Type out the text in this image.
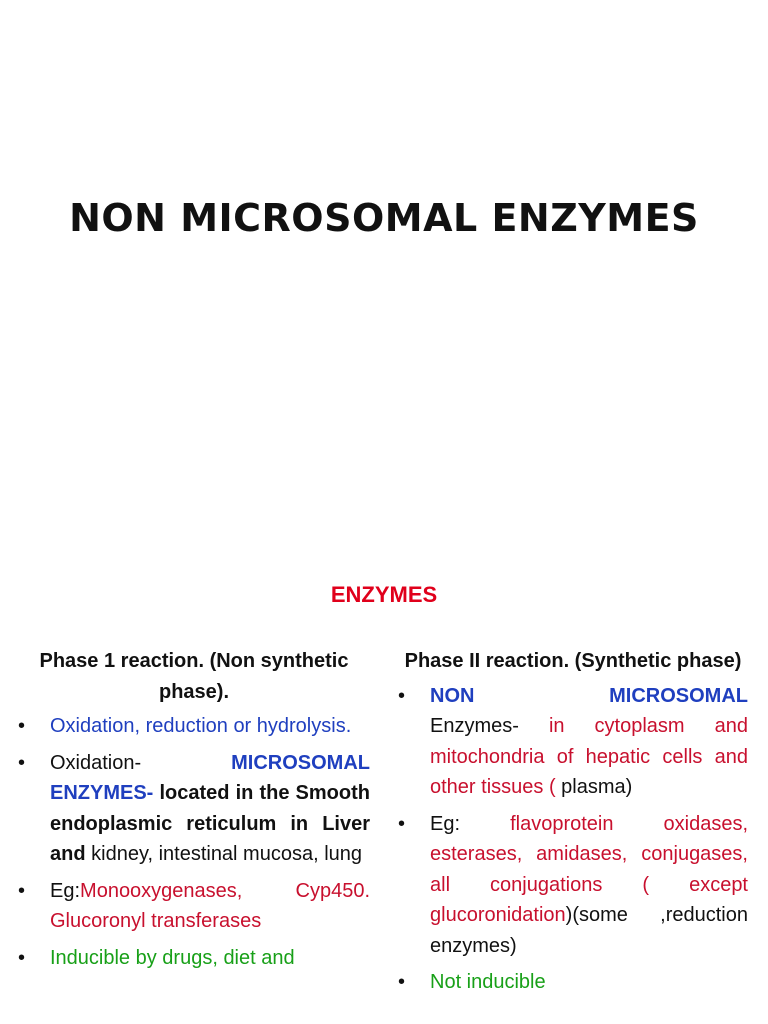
NON MICROSOMAL ENZYMES
ENZYMES
Phase 1 reaction. (Non synthetic phase).
• Oxidation, reduction or hydrolysis.
• Oxidation-	MICROSOMAL ENZYMES- located in the Smooth endoplasmic reticulum in Liver and kidney, intestinal mucosa, lung
• Eg:Monooxygenases, Cyp450. Glucoronyl transferases
• Inducible by drugs, diet and
Phase II reaction. (Synthetic phase)
• NON MICROSOMAL
Enzymes- in cytoplasm and mitochondria of hepatic cells and other tissues ( plasma)
• Eg:	flavoprotein oxidases, esterases, amidases, conjugases, all conjugations ( except glucoronidation)(some ,reduction enzymes)
• Not inducible
